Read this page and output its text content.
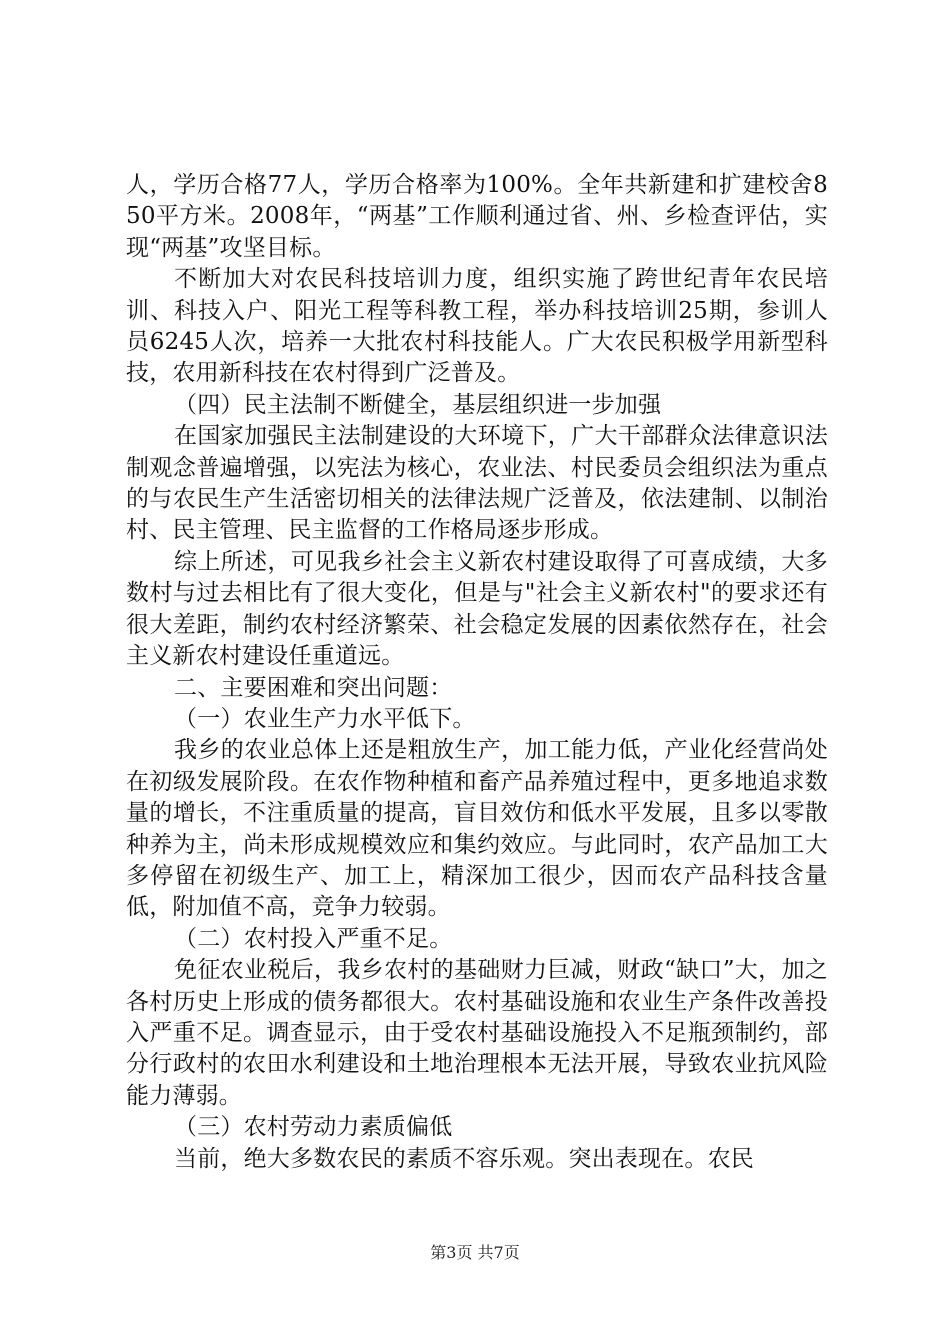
人，学历合格77人，学历合格率为100%。全年共新建和扩建校舍850平方米。2008年，“两基”工作顺利通过省、州、乡检查评估，实现“两基”攻坚目标。

不断加大对农民科技培训力度，组织实施了跨世纪青年农民培训、科技入户、阳光工程等科教工程，举办科技培训25期，参训人员6245人次，培养一大批农村科技能人。广大农民积极学用新型科技，农用新科技在农村得到广泛普及。

（四）民主法制不断健全，基层组织进一步加强

在国家加强民主法制建设的大环境下，广大干部群众法律意识法制观念普遍增强，以宪法为核心，农业法、村民委员会组织法为重点的与农民生产生活密切相关的法律法规广泛普及，依法建制、以制治村、民主管理、民主监督的工作格局逐步形成。

综上所述，可见我乡社会主义新农村建设取得了可喜成绩，大多数村与过去相比有了很大变化，但是与"社会主义新农村"的要求还有很大差距，制约农村经济繁荣、社会稳定发展的因素依然存在，社会主义新农村建设任重道远。

二、主要困难和突出问题：

（一）农业生产力水平低下。

我乡的农业总体上还是粗放生产，加工能力低，产业化经营尚处在初级发展阶段。在农作物种植和畜产品养殖过程中，更多地追求数量的增长，不注重质量的提高，盲目效仿和低水平发展，且多以零散种养为主，尚未形成规模效应和集约效应。与此同时，农产品加工大多停留在初级生产、加工上，精深加工很少，因而农产品科技含量低，附加值不高，竞争力较弱。

（二）农村投入严重不足。

免征农业税后，我乡农村的基础财力巨减，财政“缺口”大，加之各村历史上形成的债务都很大。农村基础设施和农业生产条件改善投入严重不足。调查显示，由于受农村基础设施投入不足瓶颈制约，部分行政村的农田水利建设和土地治理根本无法开展，导致农业抗风险能力薄弱。

（三）农村劳动力素质偏低

当前，绝大多数农民的素质不容乐观。突出表现在。农民

第3页 共7页
